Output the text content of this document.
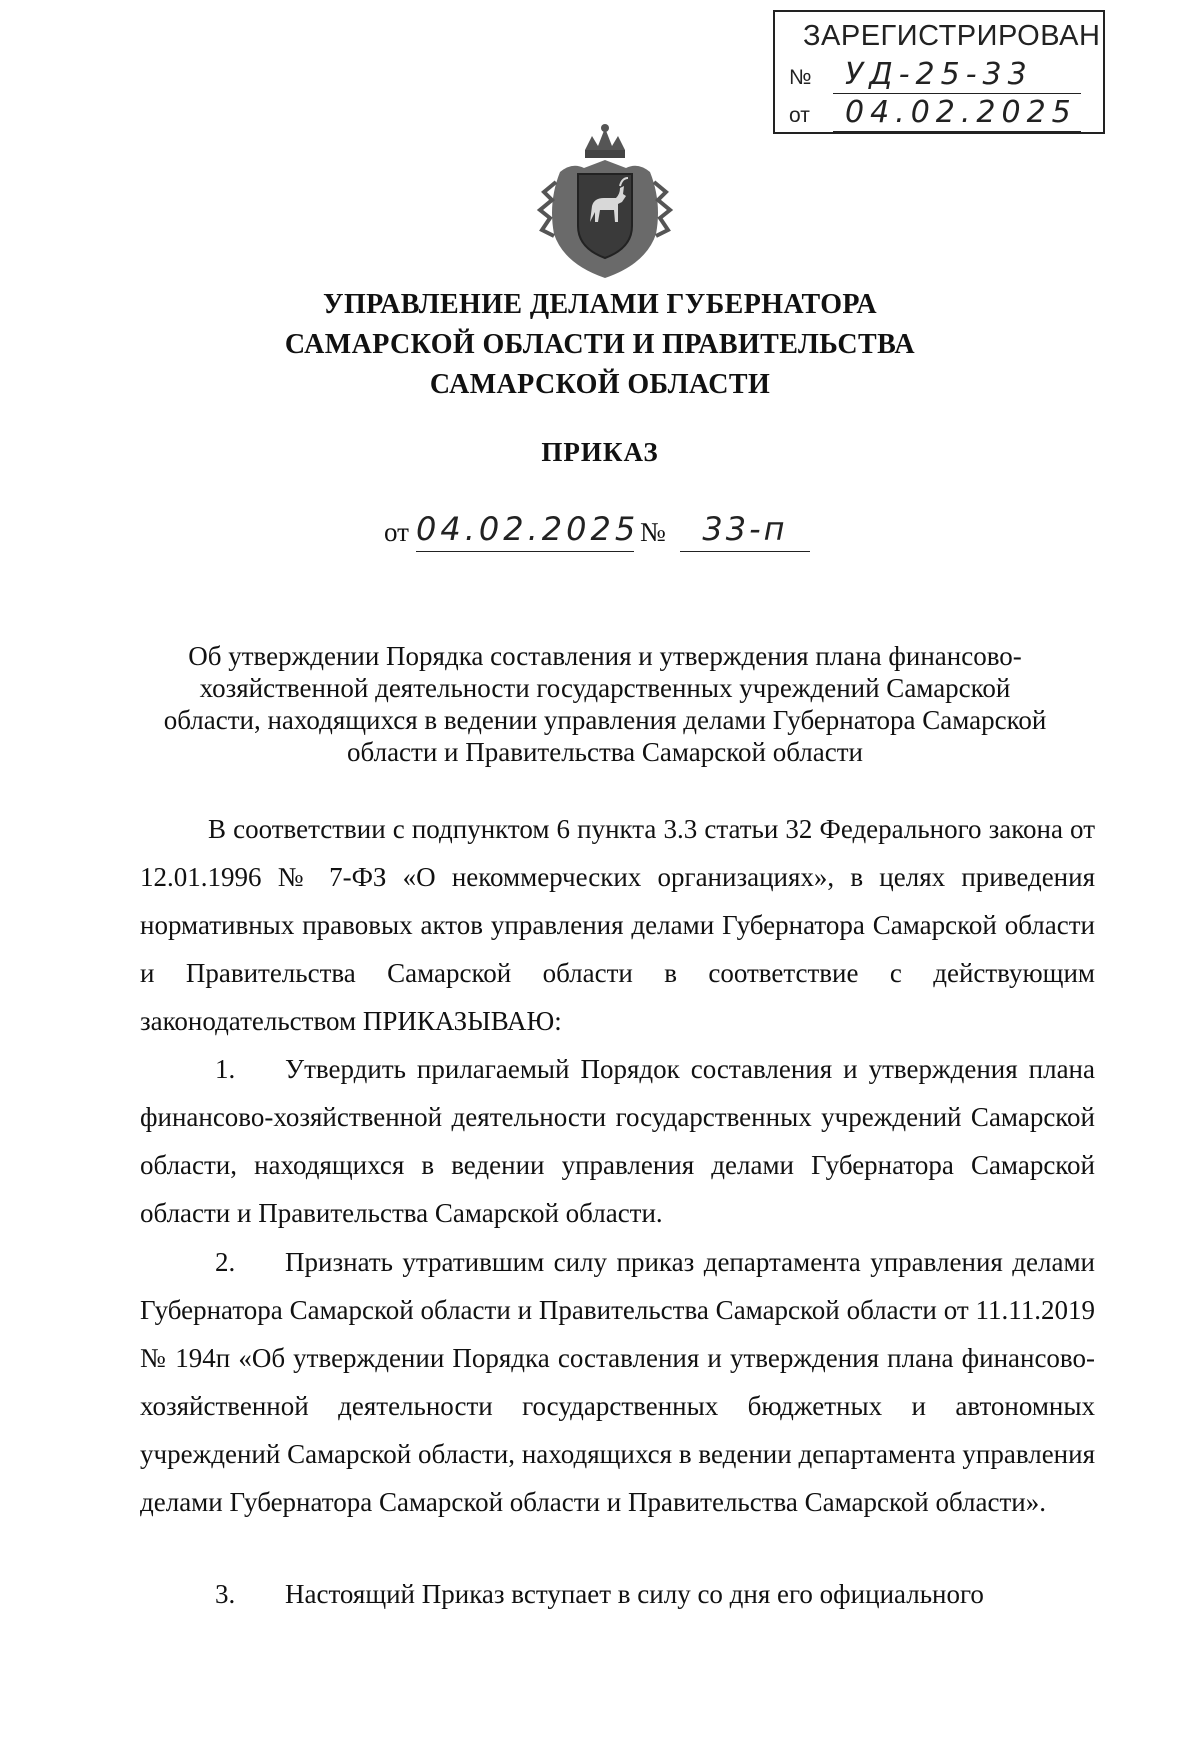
ЗАРЕГИСТРИРОВАН
№	УД-25-33
от	04.02.2025
УПРАВЛЕНИЕ ДЕЛАМИ ГУБЕРНАТОРА
САМАРСКОЙ ОБЛАСТИ И ПРАВИТЕЛЬСТВА
САМАРСКОЙ ОБЛАСТИ
ПРИКАЗ
от 04.02.2025 №	33-п
Об утверждении Порядка составления и утверждения плана финансово-
хозяйственной деятельности государственных учреждений Самарской
области, находящихся в ведении управления делами Губернатора Самарской
области и Правительства Самарской области
В соответствии с подпунктом 6 пункта 3.3 статьи 32 Федерального закона от 12.01.1996 № 7-ФЗ «О некоммерческих организациях», в целях приведения нормативных правовых актов управления делами Губернатора Самарской области и Правительства Самарской области в соответствие с действующим законодательством ПРИКАЗЫВАЮ:
1. Утвердить прилагаемый Порядок составления и утверждения плана финансово-хозяйственной деятельности государственных учреждений Самарской области, находящихся в ведении управления делами Губернатора Самарской области и Правительства Самарской области.
2. Признать утратившим силу приказ департамента управления делами Губернатора Самарской области и Правительства Самарской области от 11.11.2019 № 194п «Об утверждении Порядка составления и утверждения плана финансово-хозяйственной деятельности государственных бюджетных и автономных учреждений Самарской области, находящихся в ведении департамента управления делами Губернатора Самарской области и Правительства Самарской области».
3. Настоящий Приказ вступает в силу со дня его официального
